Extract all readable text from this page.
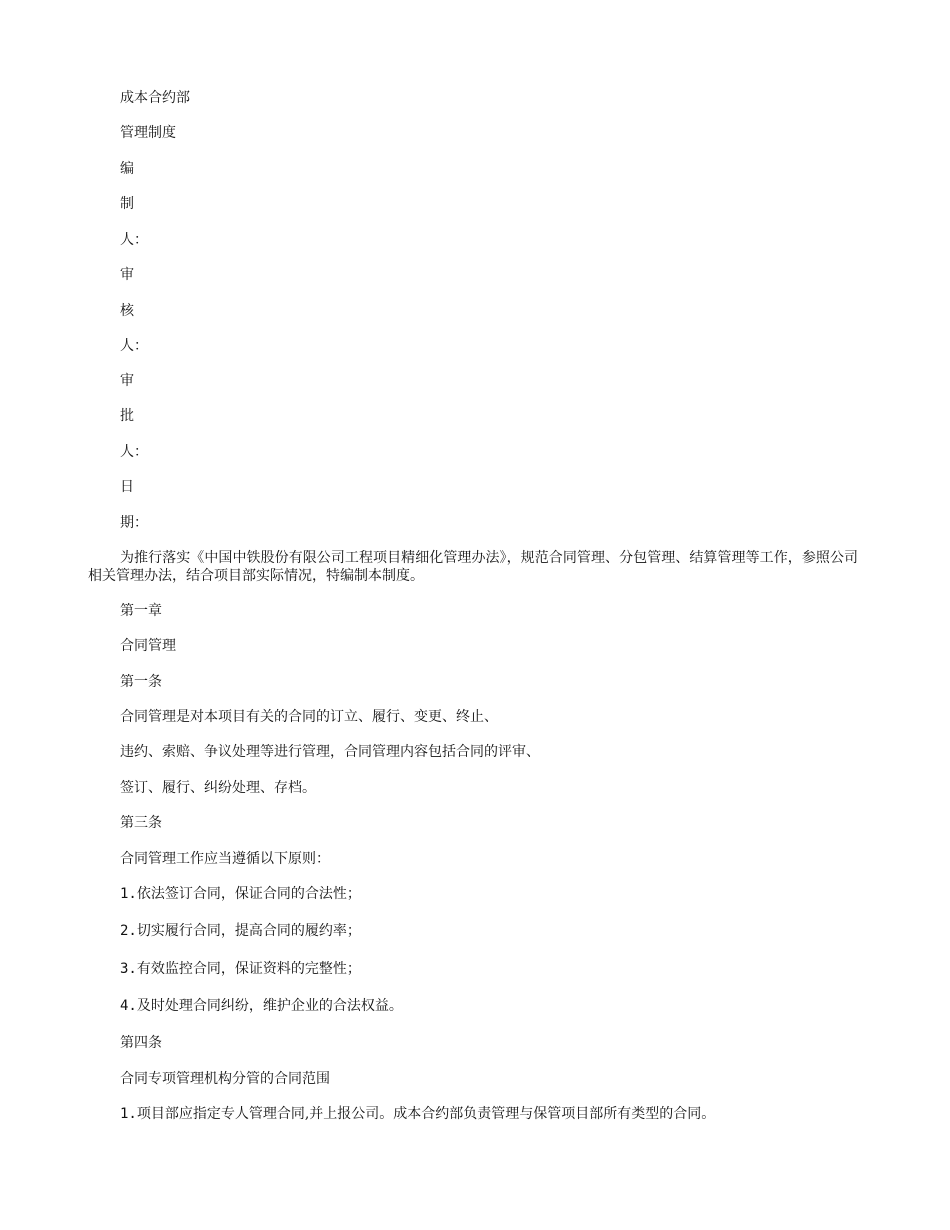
成本合约部
管理制度
编
制
人：
审
核
人：
审
批
人：
日
期：
为推行落实《中国中铁股份有限公司工程项目精细化管理办法》，规范合同管理、分包管理、结算管理等工作，参照公司相关管理办法，结合项目部实际情况，特编制本制度。
第一章
合同管理
第一条
合同管理是对本项目有关的合同的订立、履行、变更、终止、
违约、索赔、争议处理等进行管理，合同管理内容包括合同的评审、
签订、履行、纠纷处理、存档。
第三条
合同管理工作应当遵循以下原则：
1.依法签订合同，保证合同的合法性；
2.切实履行合同，提高合同的履约率；
3.有效监控合同，保证资料的完整性；
4.及时处理合同纠纷，维护企业的合法权益。
第四条
合同专项管理机构分管的合同范围
1.项目部应指定专人管理合同,并上报公司。成本合约部负责管理与保管项目部所有类型的合同。
